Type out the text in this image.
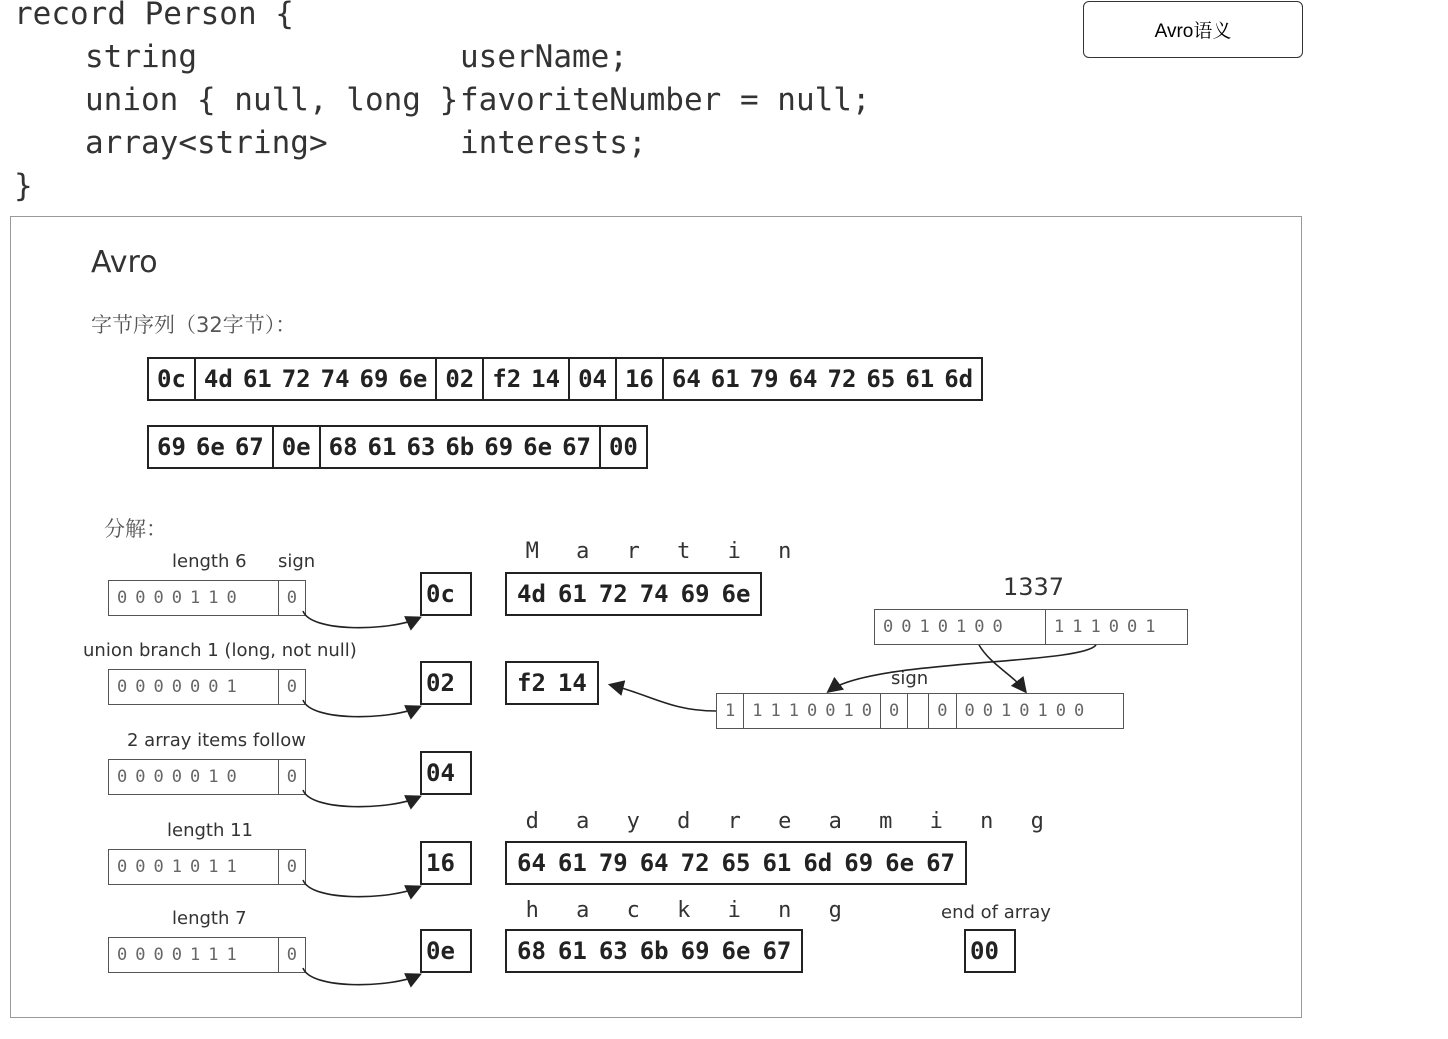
record Person {
string	userName;
union { null, long } favoriteNumber = null;
array<string>	interests;
}
Avro语义
Avro
字节序列（32字节）：
0c 4d 61 72 74 69 6e 02 f2 14 04 16 64 61 79 64 72 65 61 6d
69 6e 67 0e 68 61 63 6b 69 6e 67 00
分解：
length 6 sign
union branch 1 (long, not null)
2 array items follow
length 11
length 7
0 0 0 0 1 1 0	0
0 0 0 0 0 0 1	0
0 0 0 0 0 1 0	0
0 0 0 1 0 1 1	0
0 0 0 0 1 1 1	0
0c
02
04
16
0e
M	a	r	t	i	n
4d 61 72 74 69 6e	1337
0 0 1 0 1 0 0	1 1 1 0 0 1
sign
1 1 1 1 0 0 1 0 0 0 0 0 1 0 1 0 0
f2 14
d	a	y	d	r	e	a	m	i	n	g
64 61 79 64 72 65 61 6d 69 6e 67
h	a	c	k	i	n	g
68 61 63 6b 69 6e 67
end of array
00
